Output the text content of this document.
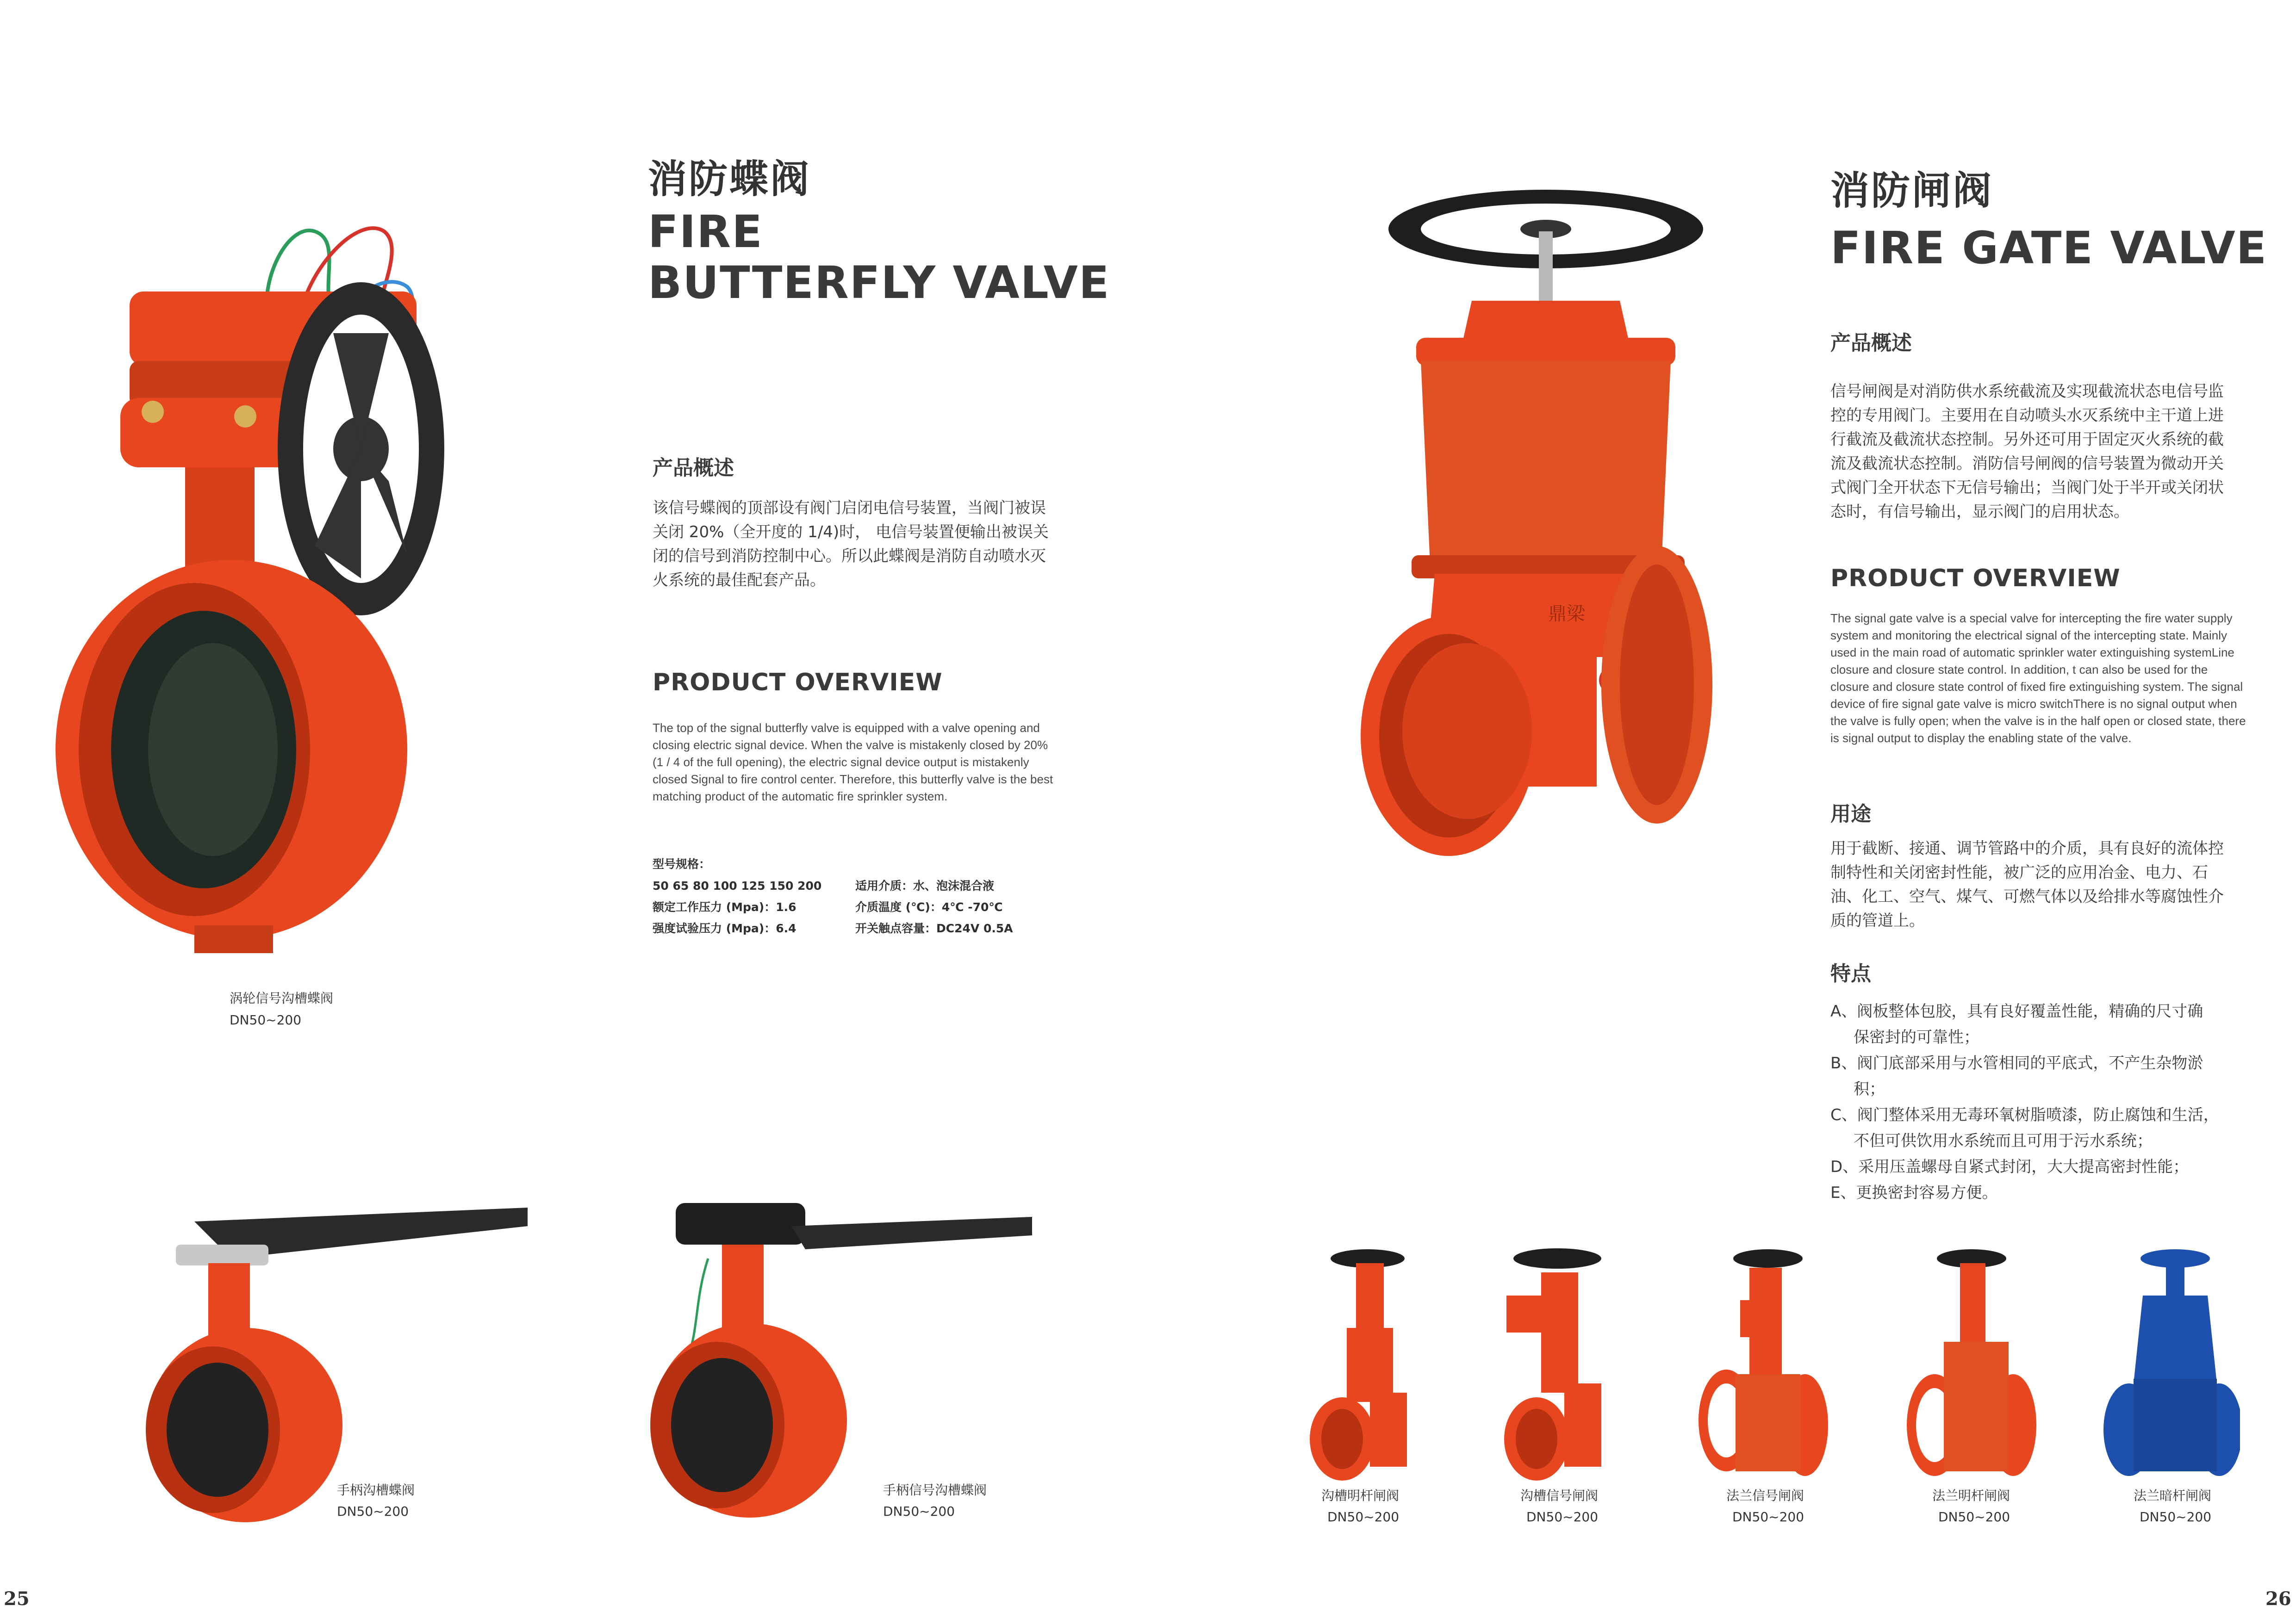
消防蝶阀
FIRE
BUTTERFLY VALVE
产品概述
该信号蝶阀的顶部设有阀门启闭电信号装置，当阀门被误关闭 20%（全开度的 1/4)时， 电信号装置便输出被误关闭的信号到消防控制中心。所以此蝶阀是消防自动喷水灭火系统的最佳配套产品。
PRODUCT OVERVIEW
The top of the signal butterfly valve is equipped with a valve opening and closing electric signal device. When the valve is mistakenly closed by 20% (1 / 4 of the full opening), the electric signal device output is mistakenly closed Signal to fire control center. Therefore, this butterfly valve is the best matching product of the automatic fire sprinkler system.
型号规格：
50 65 80 100 125 150 200	适用介质：水、泡沫混合液
额定工作压力 (Mpa)：1.6	介质温度 (℃)：4℃ -70℃
强度试验压力 (Mpa)：6.4	开关触点容量：DC24V 0.5A
涡轮信号沟槽蝶阀
DN50~200
手柄沟槽蝶阀
DN50~200
手柄信号沟槽蝶阀
DN50~200
25
鼎梁
消防闸阀
FIRE GATE VALVE
产品概述
信号闸阀是对消防供水系统截流及实现截流状态电信号监控的专用阀门。主要用在自动喷头水灭系统中主干道上进行截流及截流状态控制。另外还可用于固定灭火系统的截流及截流状态控制。消防信号闸阀的信号装置为微动开关式阀门全开状态下无信号输出；当阀门处于半开或关闭状态时，有信号输出，显示阀门的启用状态。
PRODUCT OVERVIEW
The signal gate valve is a special valve for intercepting the fire water supply system and monitoring the electrical signal of the intercepting state. Mainly used in the main road of automatic sprinkler water extinguishing systemLine closure and closure state control. In addition, t can also be used for the closure and closure state control of fixed fire extinguishing system. The signal device of fire signal gate valve is micro switchThere is no signal output when the valve is fully open; when the valve is in the half open or closed state, there is signal output to display the enabling state of the valve.
用途
用于截断、接通、调节管路中的介质，具有良好的流体控制特性和关闭密封性能，被广泛的应用冶金、电力、石油、化工、空气、煤气、可燃气体以及给排水等腐蚀性介质的管道上。
特点
A、阀板整体包胶，具有良好覆盖性能，精确的尺寸确
保密封的可靠性；
B、阀门底部采用与水管相同的平底式，不产生杂物淤
积；
C、阀门整体采用无毒环氧树脂喷漆，防止腐蚀和生活，
不但可供饮用水系统而且可用于污水系统；
D、采用压盖螺母自紧式封闭，大大提高密封性能；
E、更换密封容易方便。
沟槽明杆闸阀
DN50~200
沟槽信号闸阀
DN50~200
法兰信号闸阀
DN50~200
法兰明杆闸阀
DN50~200
法兰暗杆闸阀
DN50~200
26
